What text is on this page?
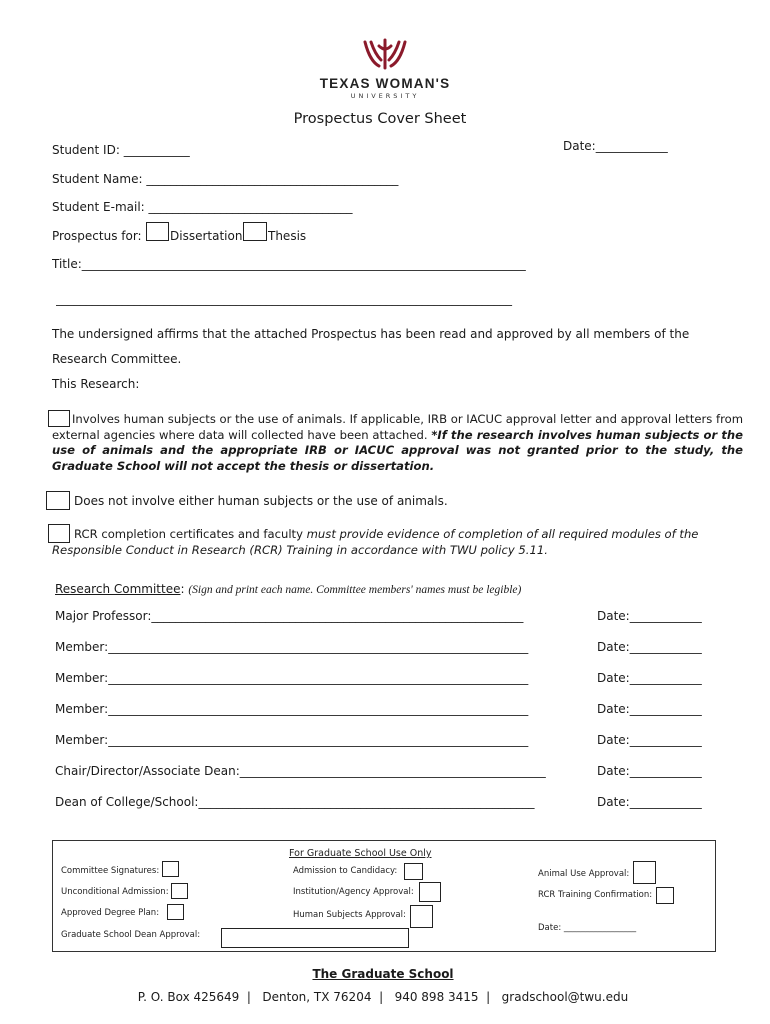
TEXAS WOMAN'S
UNIVERSITY
Prospectus Cover Sheet
Student ID: ___________	Date:____________
Student Name: __________________________________________
Student E-mail: __________________________________
Prospectus for: Dissertation Thesis
Title:__________________________________________________________________________
____________________________________________________________________________
The undersigned affirms that the attached Prospectus has been read and approved by all members of the
Research Committee.
This Research:
Involves human subjects or the use of animals. If applicable, IRB or IACUC approval letter and approval letters from external agencies where data will collected have been attached. *If the research involves human subjects or the use of animals and the appropriate IRB or IACUC approval was not granted prior to the study, the Graduate School will not accept the thesis or dissertation.
Does not involve either human subjects or the use of animals.
RCR completion certificates and faculty must provide evidence of completion of all required modules of the Responsible Conduct in Research (RCR) Training in accordance with TWU policy 5.11.
Research Committee: (Sign and print each name. Committee members' names must be legible)
Major Professor:______________________________________________________________	Date:____________
Member:______________________________________________________________________	Date:____________
Member:______________________________________________________________________	Date:____________
Member:______________________________________________________________________	Date:____________
Member:______________________________________________________________________	Date:____________
Chair/Director/Associate Dean:___________________________________________________	Date:____________
Dean of College/School:________________________________________________________	Date:____________
For Graduate School Use Only
Committee Signatures:
Unconditional Admission:
Approved Degree Plan:
Graduate School Dean Approval:
Admission to Candidacy:
Institution/Agency Approval:
Human Subjects Approval:
Animal Use Approval:
RCR Training Confirmation:
Date: _________________
The Graduate School
P. O. Box 425649  |   Denton, TX 76204  |   940 898 3415  |   gradschool@twu.edu
